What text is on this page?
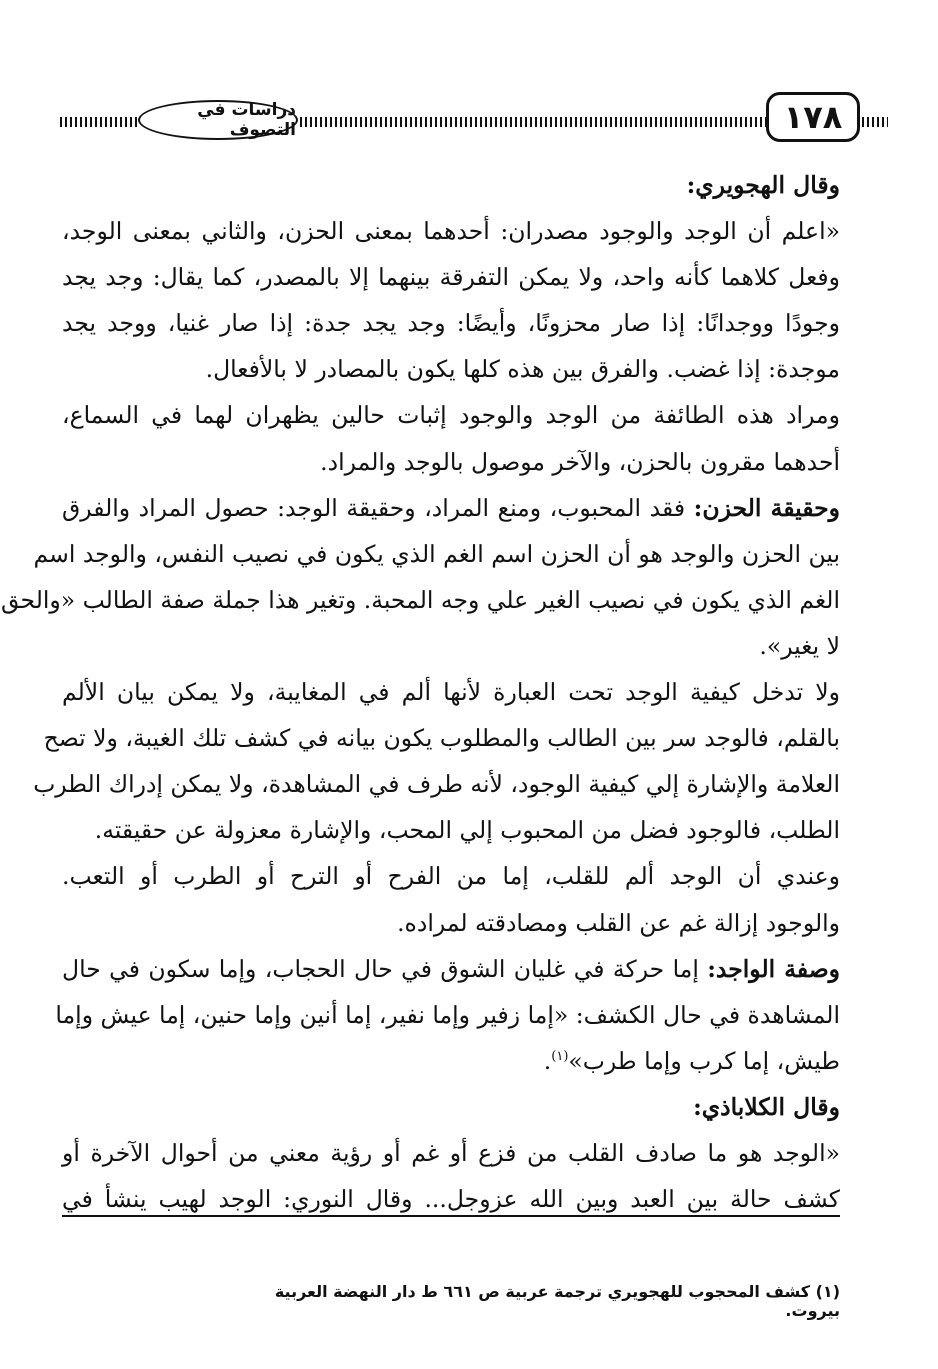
دراسات في التصوف	١٧٨
وقال الهجويري:
«اعلم أن الوجد والوجود مصدران: أحدهما بمعنى الحزن، والثاني بمعنى الوجد،
وفعل كلاهما كأنه واحد، ولا يمكن التفرقة بينهما إلا بالمصدر، كما يقال: وجد يجد
وجودًا ووجدانًا: إذا صار محزونًا، وأيضًا: وجد يجد جدة: إذا صار غنيا، ووجد يجد
موجدة: إذا غضب. والفرق بين هذه كلها يكون بالمصادر لا بالأفعال.
ومراد هذه الطائفة من الوجد والوجود إثبات حالين يظهران لهما في السماع،
أحدهما مقرون بالحزن، والآخر موصول بالوجد والمراد.
وحقيقة الحزن: فقد المحبوب، ومنع المراد، وحقيقة الوجد: حصول المراد والفرق
بين الحزن والوجد هو أن الحزن اسم الغم الذي يكون في نصيب النفس، والوجد اسم
الغم الذي يكون في نصيب الغير علي وجه المحبة. وتغير هذا جملة صفة الطالب «والحق
لا يغير».
ولا تدخل كيفية الوجد تحت العبارة لأنها ألم في المغايبة، ولا يمكن بيان الألم
بالقلم، فالوجد سر بين الطالب والمطلوب يكون بيانه في كشف تلك الغيبة، ولا تصح
العلامة والإشارة إلي كيفية الوجود، لأنه طرف في المشاهدة، ولا يمكن إدراك الطرب
الطلب، فالوجود فضل من المحبوب إلي المحب، والإشارة معزولة عن حقيقته.
وعندي أن الوجد ألم للقلب، إما من الفرح أو الترح أو الطرب أو التعب.
والوجود إزالة غم عن القلب ومصادقته لمراده.
وصفة الواجد: إما حركة في غليان الشوق في حال الحجاب، وإما سكون في حال
المشاهدة في حال الكشف: «إما زفير وإما نفير، إما أنين وإما حنين، إما عيش وإما
طيش، إما كرب وإما طرب»$^{(١)}$.
وقال الكلاباذي:
«الوجد هو ما صادف القلب من فزع أو غم أو رؤية معني من أحوال الآخرة أو
كشف حالة بين العبد وبين الله عزوجل... وقال النوري: الوجد لهيب ينشأ في
(١) كشف المحجوب للهجويري ترجمة عربية ص ٦٦١ ط دار النهضة العربية بيروت.
